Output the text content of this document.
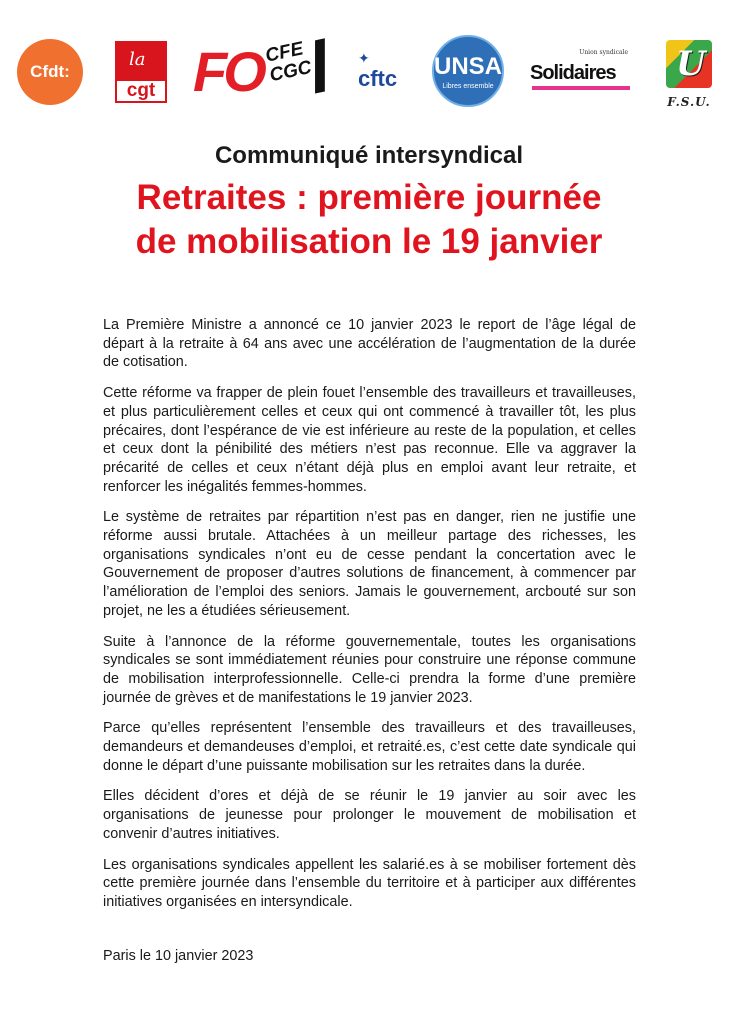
Cfdt:
la
cgt FO CFE CGC	✦
cftc UNSA
Libres ensemble
Union syndicale
Solidaires U
F.S.U.
Communiqué intersyndical
Retraites : première journée
de mobilisation le 19 janvier

La Première Ministre a annoncé ce 10 janvier 2023 le report de l’âge légal de départ à la retraite à 64 ans avec une accélération de l’augmentation de la durée de cotisation.

Cette réforme va frapper de plein fouet l’ensemble des travailleurs et travailleuses, et plus particulièrement celles et ceux qui ont commencé à travailler tôt, les plus précaires, dont l’espérance de vie est inférieure au reste de la population, et celles et ceux dont la pénibilité des métiers n’est pas reconnue. Elle va aggraver la précarité de celles et ceux n’étant déjà plus en emploi avant leur retraite, et renforcer les inégalités femmes-hommes.

Le système de retraites par répartition n’est pas en danger, rien ne justifie une réforme aussi brutale. Attachées à un meilleur partage des richesses, les organisations syndicales n’ont eu de cesse pendant la concertation avec le Gouvernement de proposer d’autres solutions de financement, à commencer par l’amélioration de l’emploi des seniors. Jamais le gouvernement, arcbouté sur son projet, ne les a étudiées sérieusement.

Suite à l’annonce de la réforme gouvernementale, toutes les organisations syndicales se sont immédiatement réunies pour construire une réponse commune de mobilisation interprofessionnelle. Celle-ci prendra la forme d’une première journée de grèves et de manifestations le 19 janvier 2023.

Parce qu’elles représentent l’ensemble des travailleurs et des travailleuses, demandeurs et demandeuses d’emploi, et retraité.es, c’est cette date syndicale qui donne le départ d’une puissante mobilisation sur les retraites dans la durée.

Elles décident d’ores et déjà de se réunir le 19 janvier au soir avec les organisations de jeunesse pour prolonger le mouvement de mobilisation et convenir d’autres initiatives.

Les organisations syndicales appellent les salarié.es à se mobiliser fortement dès cette première journée dans l’ensemble du territoire et à participer aux différentes initiatives organisées en intersyndicale.

Paris le 10 janvier 2023
